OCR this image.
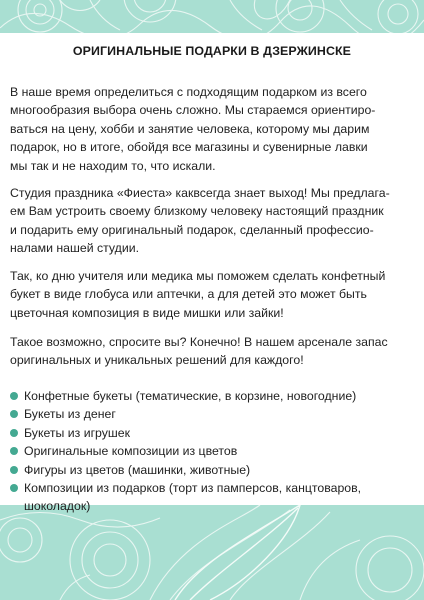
ОРИГИНАЛЬНЫЕ ПОДАРКИ В ДЗЕРЖИНСКЕ

В наше время определиться с подходящим подарком из всего
многообразия выбора очень сложно. Мы стараемся ориентиро-
ваться на цену, хобби и занятие человека, которому мы дарим
подарок, но в итоге, обойдя все магазины и сувенирные лавки
мы так и не находим то, что искали.

Студия праздника «Фиеста» каквсегда знает выход! Мы предлага-
ем Вам устроить своему близкому человеку настоящий праздник
и подарить ему оригинальный подарок, сделанный профессио-
налами нашей студии.

Так, ко дню учителя или медика мы поможем сделать конфетный
букет в виде глобуса или аптечки, а для детей это может быть
цветочная композиция в виде мишки или зайки!

Такое возможно, спросите вы? Конечно! В нашем арсенале запас
оригинальных и уникальных решений для каждого!

Конфетные букеты (тематические, в корзине, новогодние)
Букеты из денег
Букеты из игрушек
Оригинальные композиции из цветов
Фигуры из цветов (машинки, животные)
Композиции из подарков (торт из памперсов, канцтоваров,
шоколадок)
